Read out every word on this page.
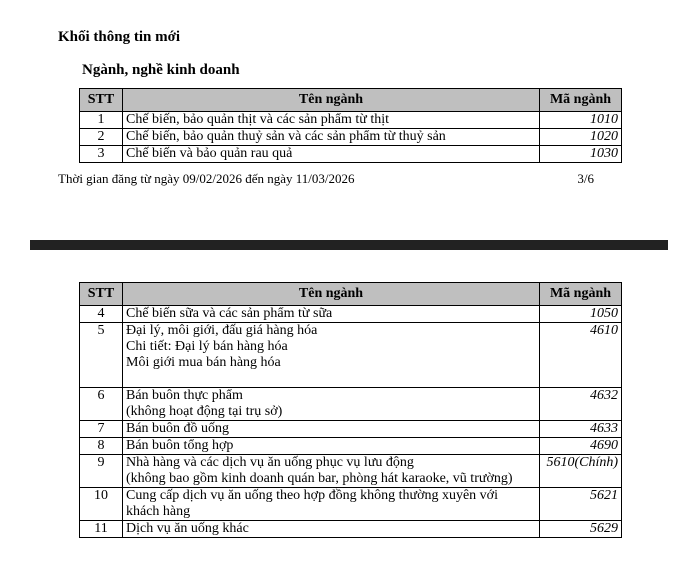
Khối thông tin mới
Ngành, nghề kinh doanh
STT	Tên ngành	Mã ngành
1	Chế biến, bảo quản thịt và các sản phẩm từ thịt	1010
2	Chế biến, bảo quản thuỷ sản và các sản phẩm từ thuỷ sản	1020
3	Chế biến và bảo quản rau quả	1030
Thời gian đăng từ ngày 09/02/2026 đến ngày 11/03/2026	3/6
STT	Tên ngành	Mã ngành
4	Chế biến sữa và các sản phẩm từ sữa	1050
5	Đại lý, môi giới, đấu giá hàng hóa
Chi tiết: Đại lý bán hàng hóa
Môi giới mua bán hàng hóa	4610
6	Bán buôn thực phẩm
(không hoạt động tại trụ sở)	4632
7	Bán buôn đồ uống	4633
8	Bán buôn tổng hợp	4690
9	Nhà hàng và các dịch vụ ăn uống phục vụ lưu động
(không bao gồm kinh doanh quán bar, phòng hát karaoke, vũ trường)	5610(Chính)
10	Cung cấp dịch vụ ăn uống theo hợp đồng không thường xuyên với
khách hàng	5621
11	Dịch vụ ăn uống khác	5629
